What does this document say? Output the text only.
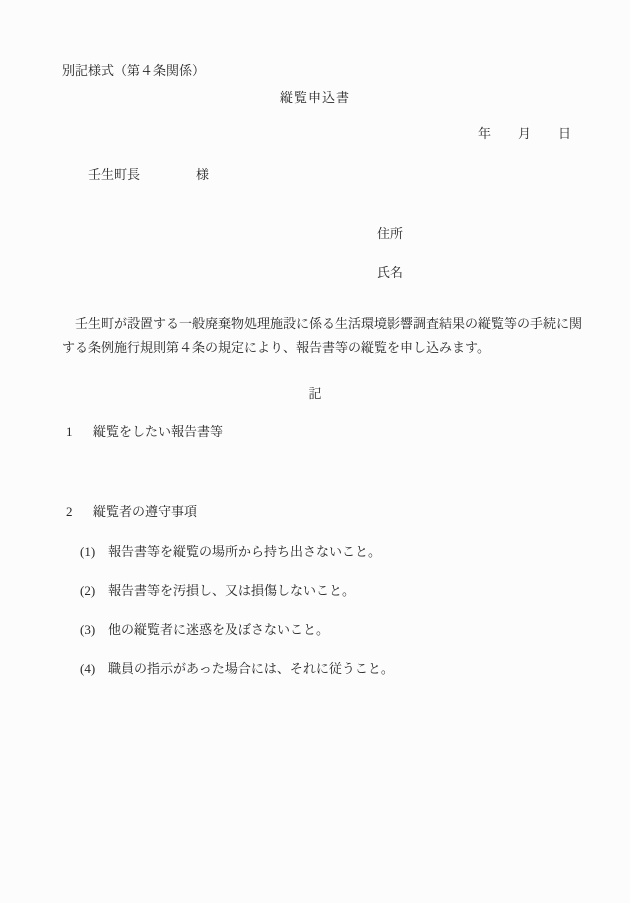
別記様式（第４条関係）
縦覧申込書
年 月 日
壬生町長	様
住所
氏名
　壬生町が設置する一般廃棄物処理施設に係る生活環境影響調査結果の縦覧等の手続に関する条例施行規則第４条の規定により、報告書等の縦覧を申し込みます。
記
1	縦覧をしたい報告書等
2	縦覧者の遵守事項
(1) 報告書等を縦覧の場所から持ち出さないこと。
(2) 報告書等を汚損し、又は損傷しないこと。
(3) 他の縦覧者に迷惑を及ぼさないこと。
(4) 職員の指示があった場合には、それに従うこと。
